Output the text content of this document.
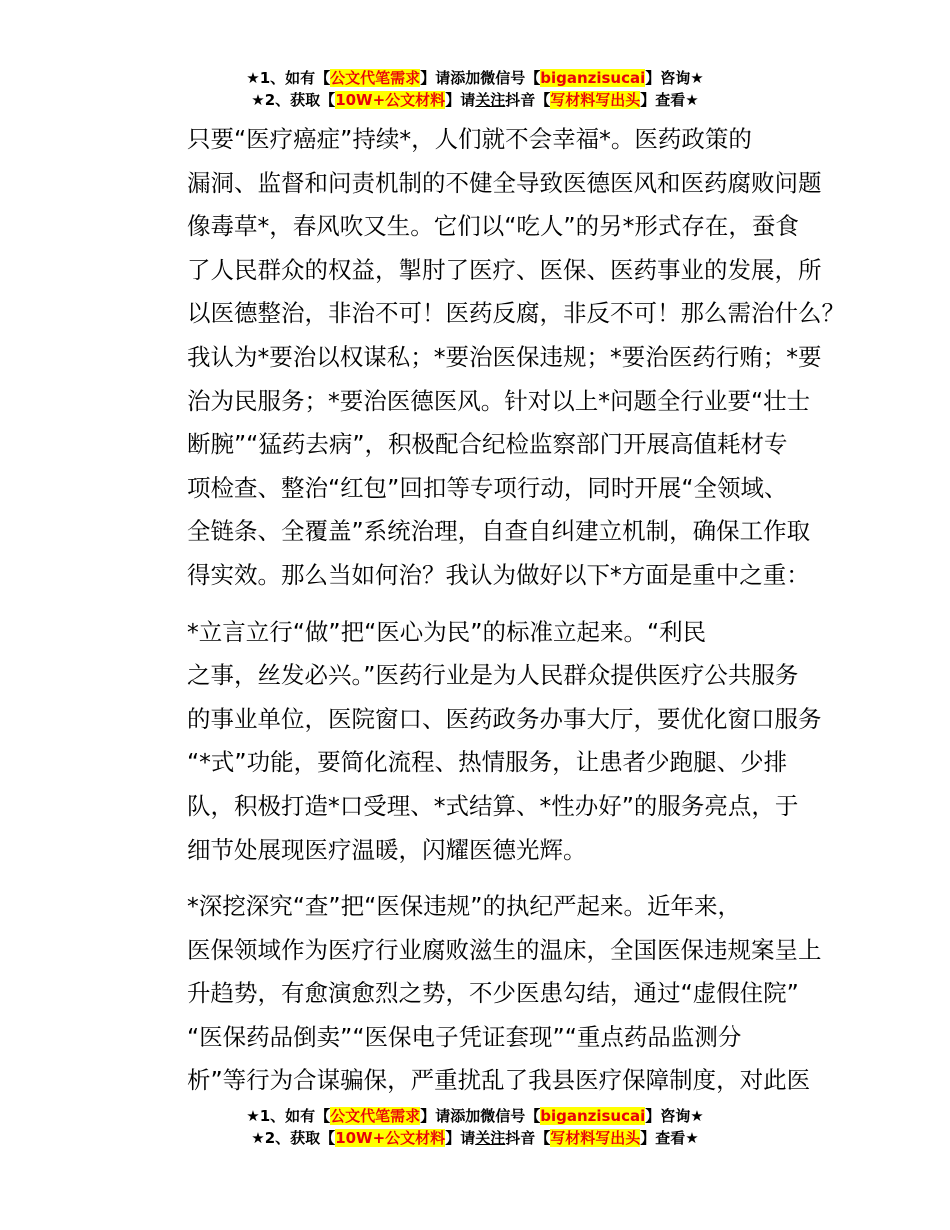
★1、如有【公文代笔需求】请添加微信号【biganzisucai】咨询★
★2、获取【10W+公文材料】请关注抖音【写材料写出头】查看★

只要“医疗癌症”持续*，人们就不会幸福*。医药政策的
漏洞、监督和问责机制的不健全导致医德医风和医药腐败问题
像毒草*，春风吹又生。它们以“吃人”的另*形式存在，蚕食
了人民群众的权益，掣肘了医疗、医保、医药事业的发展，所
以医德整治，非治不可！医药反腐，非反不可！那么需治什么？
我认为*要治以权谋私；*要治医保违规；*要治医药行贿；*要
治为民服务；*要治医德医风。针对以上*问题全行业要“壮士
断腕”“猛药去病”，积极配合纪检监察部门开展高值耗材专
项检查、整治“红包”回扣等专项行动，同时开展“全领域、
全链条、全覆盖”系统治理，自查自纠建立机制，确保工作取
得实效。那么当如何治？我认为做好以下*方面是重中之重：

*立言立行“做”把“医心为民”的标准立起来。“利民
之事，丝发必兴。”医药行业是为人民群众提供医疗公共服务
的事业单位，医院窗口、医药政务办事大厅，要优化窗口服务
“*式”功能，要简化流程、热情服务，让患者少跑腿、少排
队，积极打造*口受理、*式结算、*性办好”的服务亮点，于
细节处展现医疗温暖，闪耀医德光辉。

*深挖深究“查”把“医保违规”的执纪严起来。近年来，
医保领域作为医疗行业腐败滋生的温床，全国医保违规案呈上
升趋势，有愈演愈烈之势，不少医患勾结，通过“虚假住院”
“医保药品倒卖”“医保电子凭证套现”“重点药品监测分
析”等行为合谋骗保，严重扰乱了我县医疗保障制度，对此医

★1、如有【公文代笔需求】请添加微信号【biganzisucai】咨询★
★2、获取【10W+公文材料】请关注抖音【写材料写出头】查看★
